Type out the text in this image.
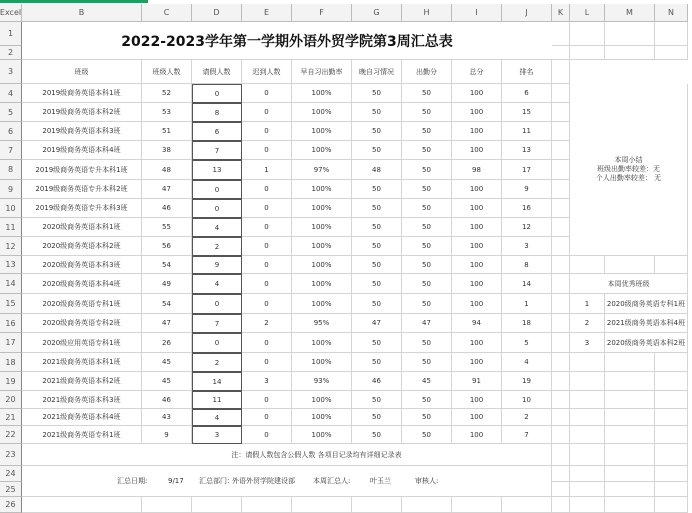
Excel	B	C	D	E	F	G	H	I	J	K	L	M	N
1
2
3
4
5
6
7
8
9
10
11
12
13
14
15
16
17
18
19
20
21
22
23
24
25
26
班级	班级人数	请假人数	迟到人数	早自习出勤率	晚自习情况	出勤分	总分	排名
2019级商务英语本科1班	52	0	0	100%	50	50	100	6
2019级商务英语本科2班	53	8	0	100%	50	50	100	15
2019级商务英语本科3班	51	6	0	100%	50	50	100	11
2019级商务英语本科4班	38	7	0	100%	50	50	100	13
2019级商务英语专升本科1班	48	13	1	97%	48	50	98	17
2019级商务英语专升本科2班	47	0	0	100%	50	50	100	9
2019级商务英语专升本科3班	46	0	0	100%	50	50	100	16
2020级商务英语本科1班	55	4	0	100%	50	50	100	12
2020级商务英语本科2班	56	2	0	100%	50	50	100	3
2020级商务英语本科3班	54	9	0	100%	50	50	100	8
2020级商务英语本科4班	49	4	0	100%	50	50	100	14
2020级商务英语专科1班	54	0	0	100%	50	50	100	1
2020级商务英语专科2班	47	7	2	95%	47	47	94	18
2020级应用英语专科1班	26	0	0	100%	50	50	100	5
2021级商务英语本科1班	45	2	0	100%	50	50	100	4
2021级商务英语本科2班	45	14	3	93%	46	45	91	19
2021级商务英语本科3班	46	11	0	100%	50	50	100	10
2021级商务英语本科4班	43	4	0	100%	50	50	100	2
2021级商务英语专科1班	9	3	0	100%	50	50	100	7
1	2020级商务英语专科1班
2	2021级商务英语本科4班
3	2020级商务英语本科2班
2022-2023学年第一学期外语外贸学院第3周汇总表
本周小结
班级出勤率较差：无
个人出勤率较差： 无
本周优秀班级
注：请假人数包含公假人数 各项目记录均有详细记录表
汇总日期:	9/17 汇总部门：
外语外贸学院建设部	本周汇总人:	叶玉兰	审核人:
